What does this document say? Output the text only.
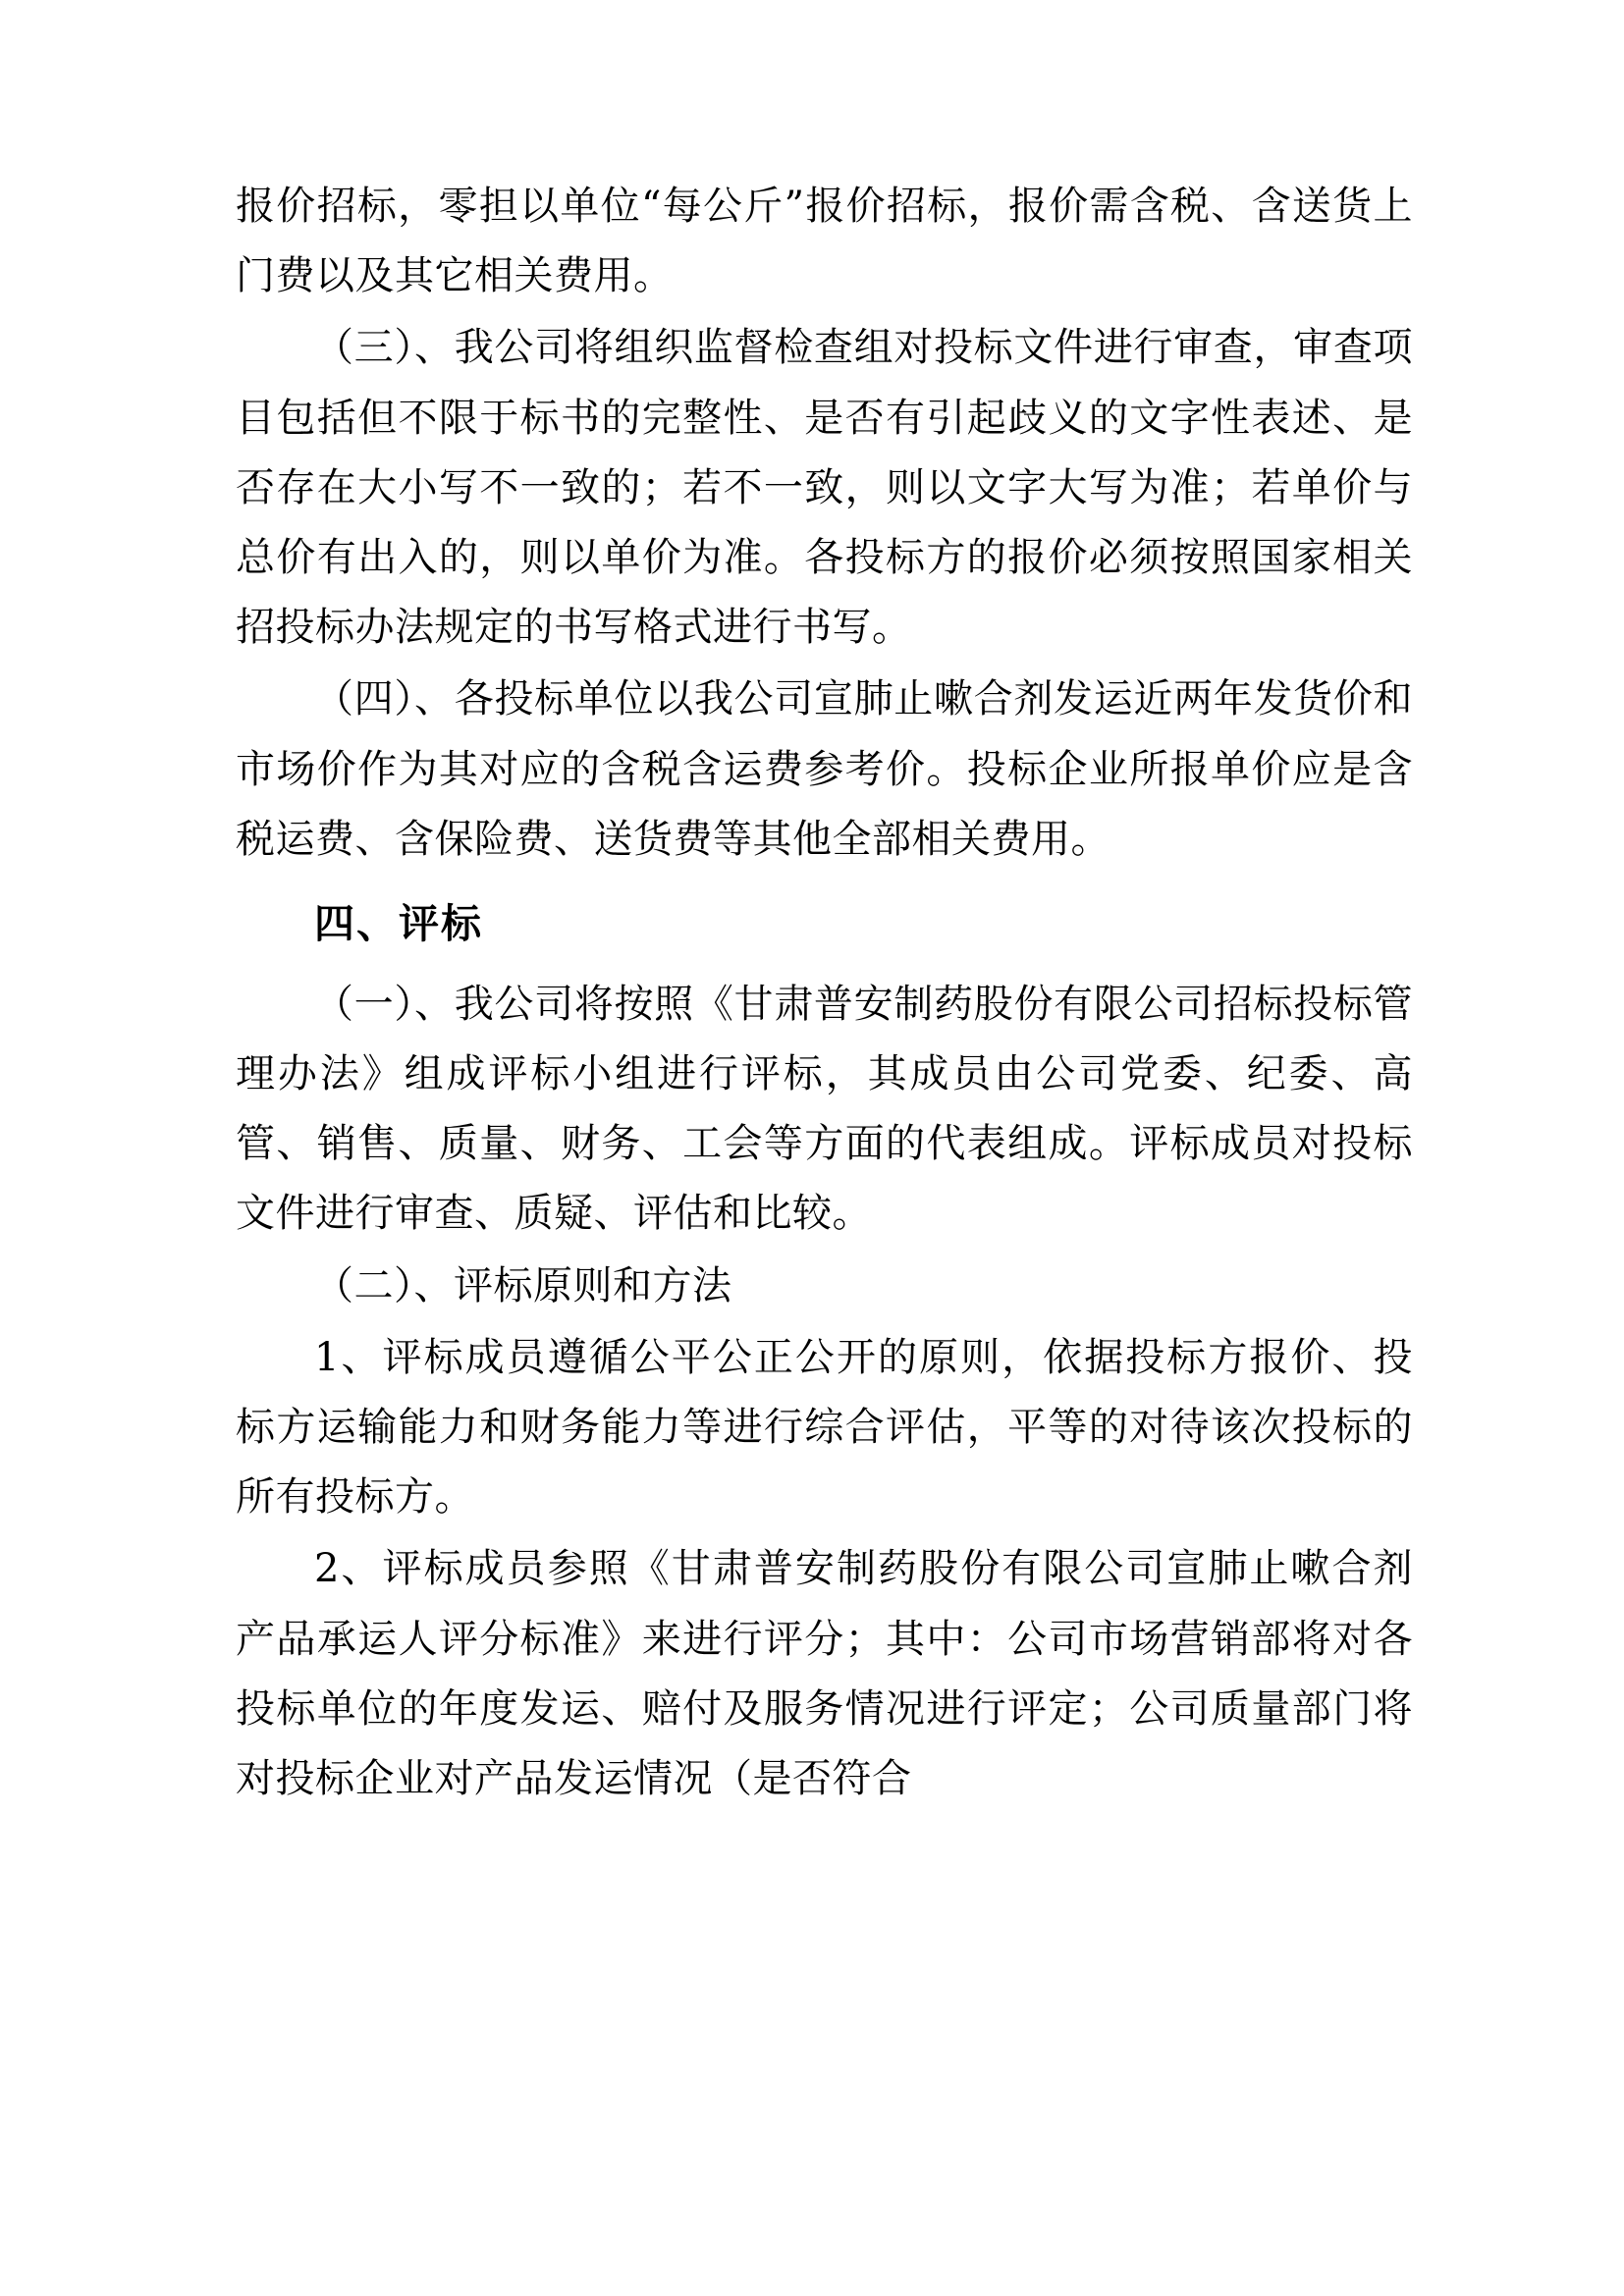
报价招标，零担以单位“每公斤”报价招标，报价需含税、含送货上门费以及其它相关费用。

（三）、我公司将组织监督检查组对投标文件进行审查，审查项目包括但不限于标书的完整性、是否有引起歧义的文字性表述、是否存在大小写不一致的；若不一致，则以文字大写为准；若单价与总价有出入的，则以单价为准。各投标方的报价必须按照国家相关招投标办法规定的书写格式进行书写。

（四）、各投标单位以我公司宣肺止嗽合剂发运近两年发货价和市场价作为其对应的含税含运费参考价。投标企业所报单价应是含税运费、含保险费、送货费等其他全部相关费用。

四、评标

（一）、我公司将按照《甘肃普安制药股份有限公司招标投标管理办法》组成评标小组进行评标，其成员由公司党委、纪委、高管、销售、质量、财务、工会等方面的代表组成。评标成员对投标文件进行审查、质疑、评估和比较。

（二）、评标原则和方法

1、评标成员遵循公平公正公开的原则，依据投标方报价、投标方运输能力和财务能力等进行综合评估，平等的对待该次投标的所有投标方。

2、评标成员参照《甘肃普安制药股份有限公司宣肺止嗽合剂产品承运人评分标准》来进行评分；其中：公司市场营销部将对各投标单位的年度发运、赔付及服务情况进行评定；公司质量部门将对投标企业对产品发运情况（是否符合
